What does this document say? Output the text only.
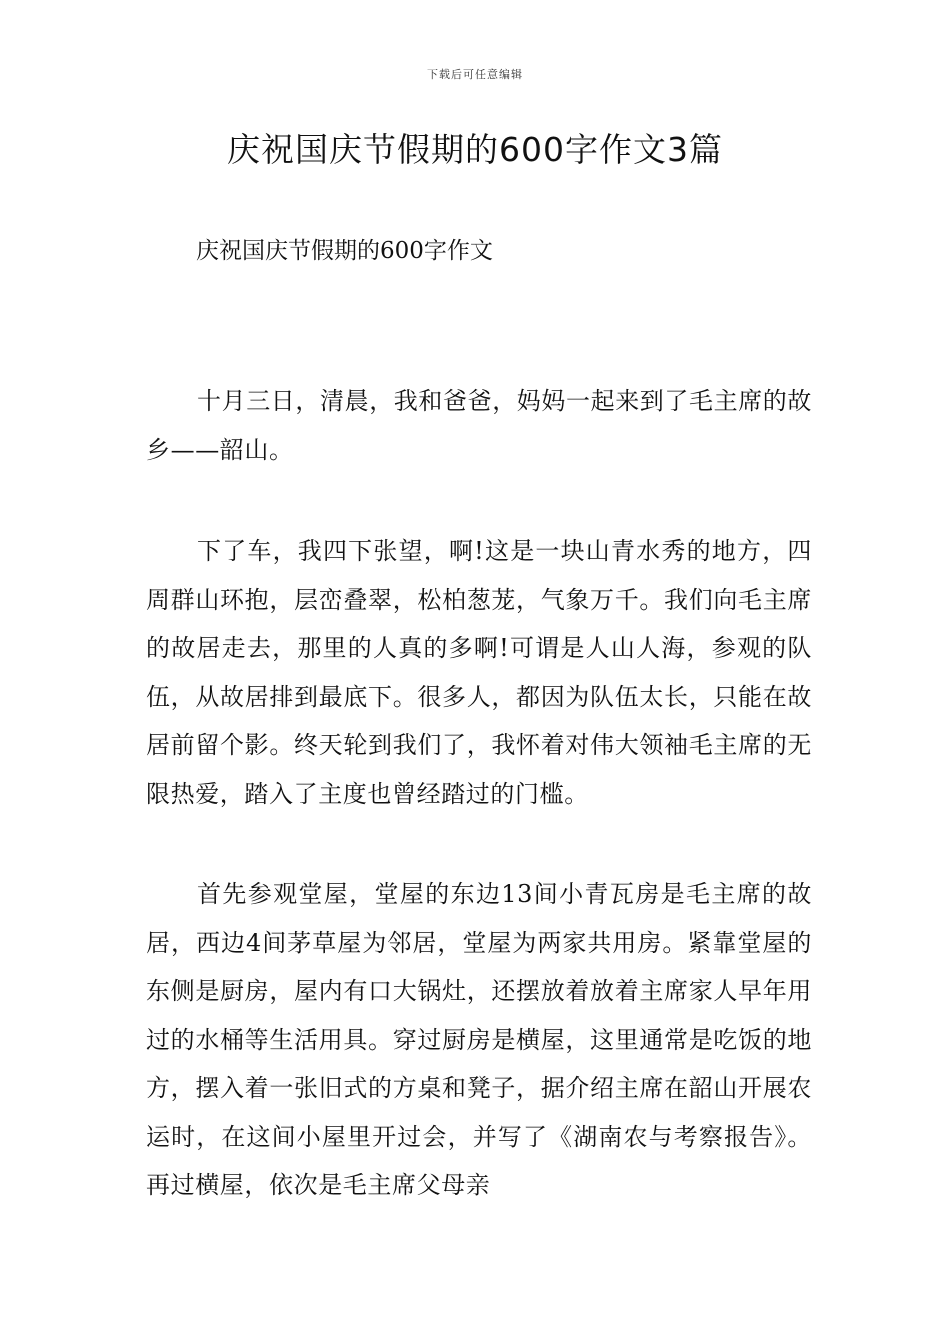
下载后可任意编辑
庆祝国庆节假期的600字作文3篇
庆祝国庆节假期的600字作文

十月三日，清晨，我和爸爸，妈妈一起来到了毛主席的故乡——韶山。

下了车，我四下张望，啊!这是一块山青水秀的地方，四周群山环抱，层峦叠翠，松柏葱茏，气象万千。我们向毛主席的故居走去，那里的人真的多啊!可谓是人山人海，参观的队伍，从故居排到最底下。很多人，都因为队伍太长，只能在故居前留个影。终天轮到我们了，我怀着对伟大领袖毛主席的无限热爱，踏入了主度也曾经踏过的门槛。

首先参观堂屋，堂屋的东边13间小青瓦房是毛主席的故居，西边4间茅草屋为邻居，堂屋为两家共用房。紧靠堂屋的东侧是厨房，屋内有口大锅灶，还摆放着放着主席家人早年用过的水桶等生活用具。穿过厨房是横屋，这里通常是吃饭的地方，摆入着一张旧式的方桌和凳子，据介绍主席在韶山开展农运时，在这间小屋里开过会，并写了《湖南农与考察报告》。再过横屋，依次是毛主席父母亲
